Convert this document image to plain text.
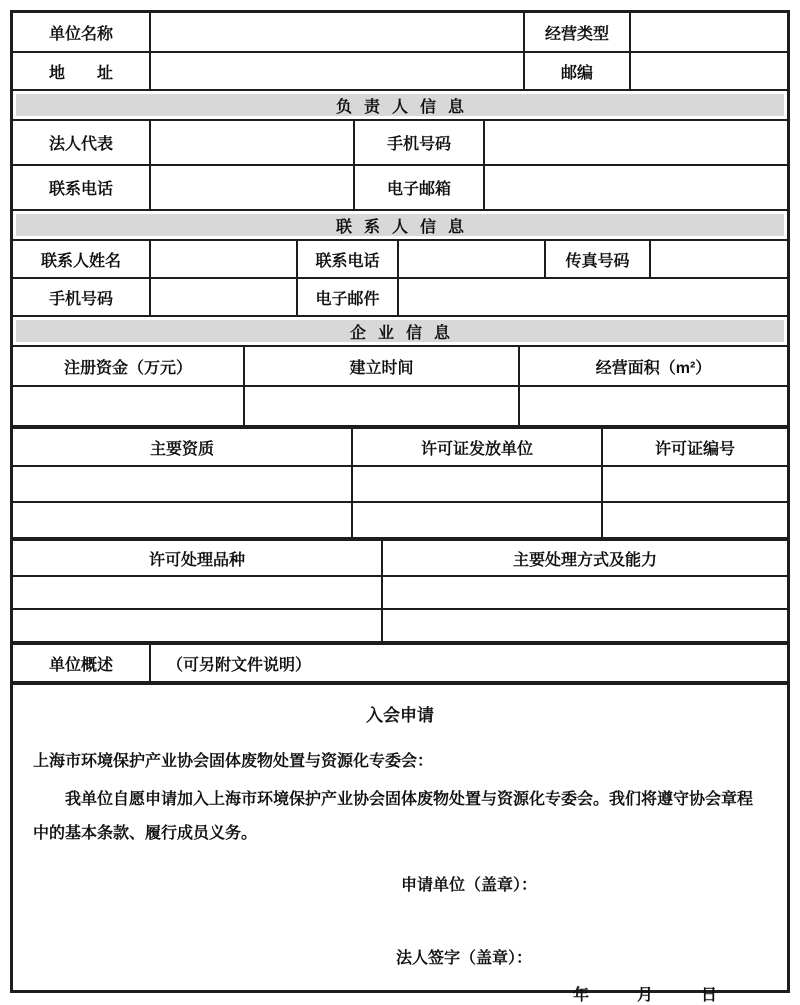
单位名称	经营类型
地　　址	邮编
负责人信息
法人代表	手机号码
联系电话	电子邮箱
联系人信息
联系人姓名	联系电话	传真号码
手机号码	电子邮件
企业信息
注册资金（万元）	建立时间	经营面积（m²）
主要资质	许可证发放单位	许可证编号
许可处理品种	主要处理方式及能力
单位概述	（可另附文件说明）
入会申请
上海市环境保护产业协会固体废物处置与资源化专委会：
我单位自愿申请加入上海市环境保护产业协会固体废物处置与资源化专委会。我们将遵守协会章程中的基本条款、履行成员义务。
申请单位（盖章）：
法人签字（盖章）：
年　　　月　　　日
